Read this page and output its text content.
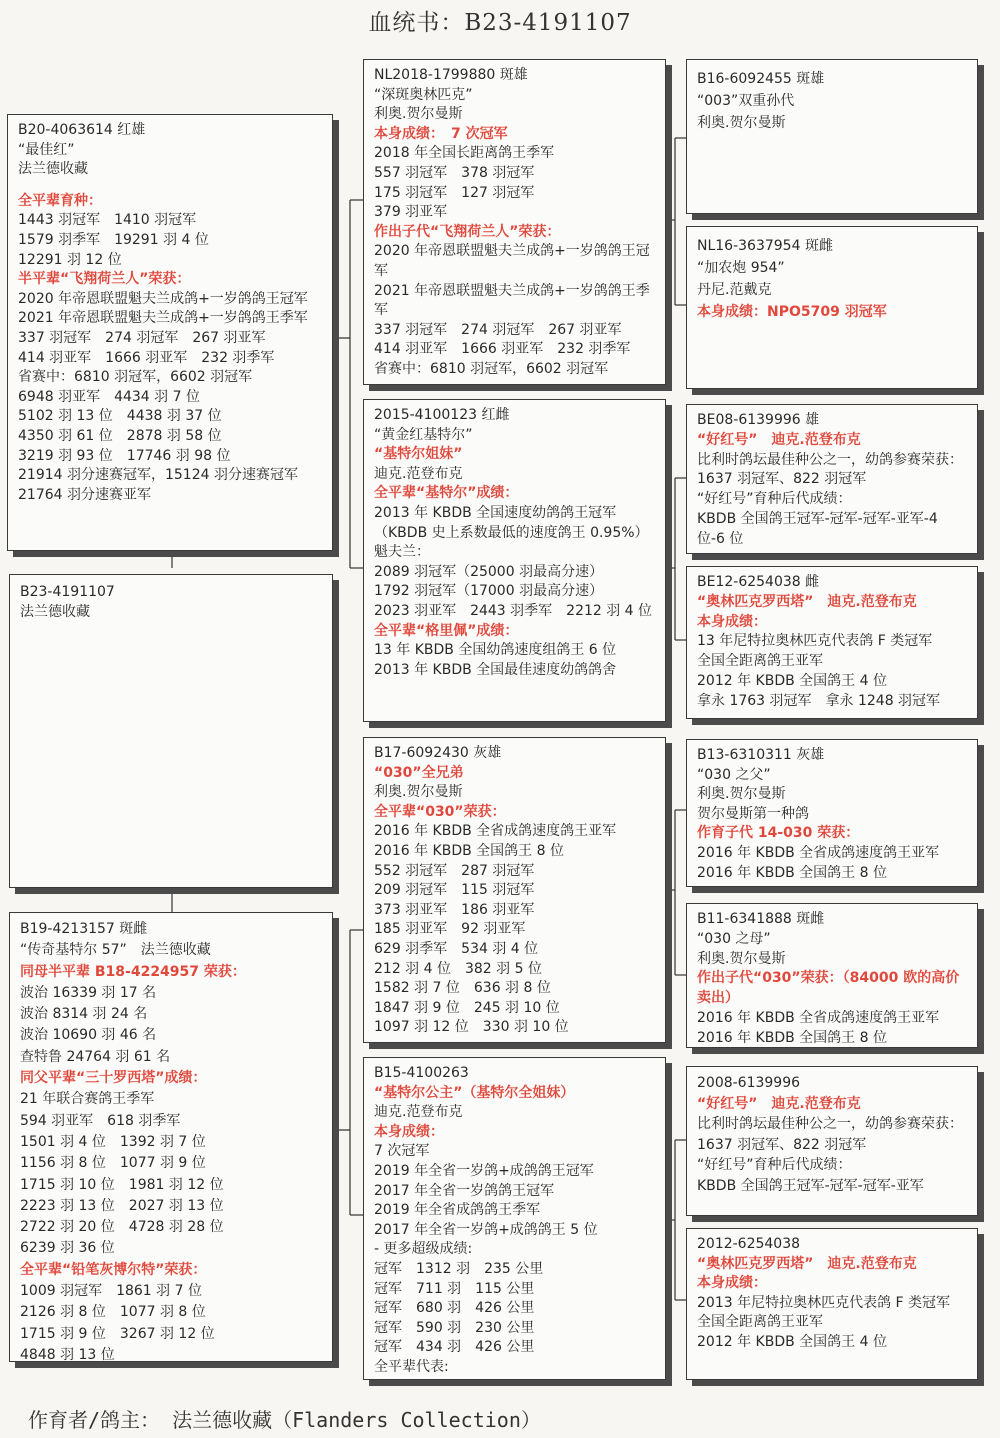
血统书：B23-4191107
B20-4063614 红雄
“最佳红”
法兰德收藏
全平辈育种：
1443 羽冠军　1410 羽冠军
1579 羽季军　19291 羽 4 位
12291 羽 12 位
半平辈“飞翔荷兰人”荣获：
2020 年帝恩联盟魁夫兰成鸽+一岁鸽鸽王冠军
2021 年帝恩联盟魁夫兰成鸽+一岁鸽鸽王季军
337 羽冠军　274 羽冠军　267 羽亚军
414 羽亚军　1666 羽亚军　232 羽季军
省赛中：6810 羽冠军，6602 羽冠军
6948 羽亚军　4434 羽 7 位
5102 羽 13 位　4438 羽 37 位
4350 羽 61 位　2878 羽 58 位
3219 羽 93 位　17746 羽 98 位
21914 羽分速赛冠军，15124 羽分速赛冠军
21764 羽分速赛亚军
B23-4191107
法兰德收藏
B19-4213157 斑雌
“传奇基特尔 57”　法兰德收藏
同母半平辈 B18-4224957 荣获：
波治 16339 羽 17 名
波治 8314 羽 24 名
波治 10690 羽 46 名
查特鲁 24764 羽 61 名
同父平辈“三十罗西塔”成绩：
21 年联合赛鸽王季军
594 羽亚军　618 羽季军
1501 羽 4 位　1392 羽 7 位
1156 羽 8 位　1077 羽 9 位
1715 羽 10 位　1981 羽 12 位
2223 羽 13 位　2027 羽 13 位
2722 羽 20 位　4728 羽 28 位
6239 羽 36 位
全平辈“铅笔灰博尔特”荣获：
1009 羽冠军　1861 羽 7 位
2126 羽 8 位　1077 羽 8 位
1715 羽 9 位　3267 羽 12 位
4848 羽 13 位
NL2018-1799880 斑雄
“深斑奥林匹克”
利奥.贺尔曼斯
本身成绩：　7 次冠军
2018 年全国长距离鸽王季军
557 羽冠军　378 羽冠军
175 羽冠军　127 羽冠军
379 羽亚军
作出子代“飞翔荷兰人”荣获：
2020 年帝恩联盟魁夫兰成鸽+一岁鸽鸽王冠军
2021 年帝恩联盟魁夫兰成鸽+一岁鸽鸽王季军
337 羽冠军　274 羽冠军　267 羽亚军
414 羽亚军　1666 羽亚军　232 羽季军
省赛中：6810 羽冠军，6602 羽冠军
2015-4100123 红雌
“黄金红基特尔”
“基特尔姐妹”
迪克.范登布克
全平辈“基特尔”成绩：
2013 年 KBDB 全国速度幼鸽鸽王冠军（KBDB 史上系数最低的速度鸽王 0.95%）
魁夫兰：
2089 羽冠军（25000 羽最高分速）
1792 羽冠军（17000 羽最高分速）
2023 羽亚军　2443 羽季军　2212 羽 4 位
全平辈“格里佩”成绩：
13 年 KBDB 全国幼鸽速度组鸽王 6 位
2013 年 KBDB 全国最佳速度幼鸽鸽舍
B17-6092430 灰雄
“030”全兄弟
利奥.贺尔曼斯
全平辈“030”荣获：
2016 年 KBDB 全省成鸽速度鸽王亚军
2016 年 KBDB 全国鸽王 8 位
552 羽冠军　287 羽冠军
209 羽冠军　115 羽冠军
373 羽亚军　186 羽亚军
185 羽亚军　92 羽亚军
629 羽季军　534 羽 4 位
212 羽 4 位　382 羽 5 位
1582 羽 7 位　636 羽 8 位
1847 羽 9 位　245 羽 10 位
1097 羽 12 位　330 羽 10 位
B15-4100263
“基特尔公主”（基特尔全姐妹）
迪克.范登布克
本身成绩：
7 次冠军
2019 年全省一岁鸽+成鸽鸽王冠军
2017 年全省一岁鸽鸽王冠军
2019 年全省成鸽鸽王季军
2017 年全省一岁鸽+成鸽鸽王 5 位
- 更多超级成绩:
冠军　1312 羽　235 公里
冠军　711 羽　115 公里
冠军　680 羽　426 公里
冠军　590 羽　230 公里
冠军　434 羽　426 公里
全平辈代表:
B16-6092455 斑雄
“003”双重孙代
利奥.贺尔曼斯
NL16-3637954 斑雌
“加农炮 954”
丹尼.范戴克
本身成绩：NPO5709 羽冠军
BE08-6139996 雄
“好红号”　迪克.范登布克
比利时鸽坛最佳种公之一，幼鸽参赛荣获：1637 羽冠军、822 羽冠军
“好红号”育种后代成绩：
KBDB 全国鸽王冠军-冠军-冠军-亚军-4 位-6 位
BE12-6254038 雌
“奥林匹克罗西塔”　迪克.范登布克
本身成绩：
13 年尼特拉奥林匹克代表鸽 F 类冠军
全国全距离鸽王亚军
2012 年 KBDB 全国鸽王 4 位
拿永 1763 羽冠军　拿永 1248 羽冠军
B13-6310311 灰雄
“030 之父”
利奥.贺尔曼斯
贺尔曼斯第一种鸽
作育子代 14-030 荣获：
2016 年 KBDB 全省成鸽速度鸽王亚军
2016 年 KBDB 全国鸽王 8 位
B11-6341888 斑雌
“030 之母”
利奥.贺尔曼斯
作出子代“030”荣获：（84000 欧的高价卖出）
2016 年 KBDB 全省成鸽速度鸽王亚军
2016 年 KBDB 全国鸽王 8 位
2008-6139996
“好红号”　迪克.范登布克
比利时鸽坛最佳种公之一，幼鸽参赛荣获：1637 羽冠军、822 羽冠军
“好红号”育种后代成绩：
KBDB 全国鸽王冠军-冠军-冠军-亚军
2012-6254038
“奥林匹克罗西塔”　迪克.范登布克
本身成绩：
2013 年尼特拉奥林匹克代表鸽 F 类冠军
全国全距离鸽王亚军
2012 年 KBDB 全国鸽王 4 位
作育者/鸽主： 法兰德收藏（Flanders Collection）
